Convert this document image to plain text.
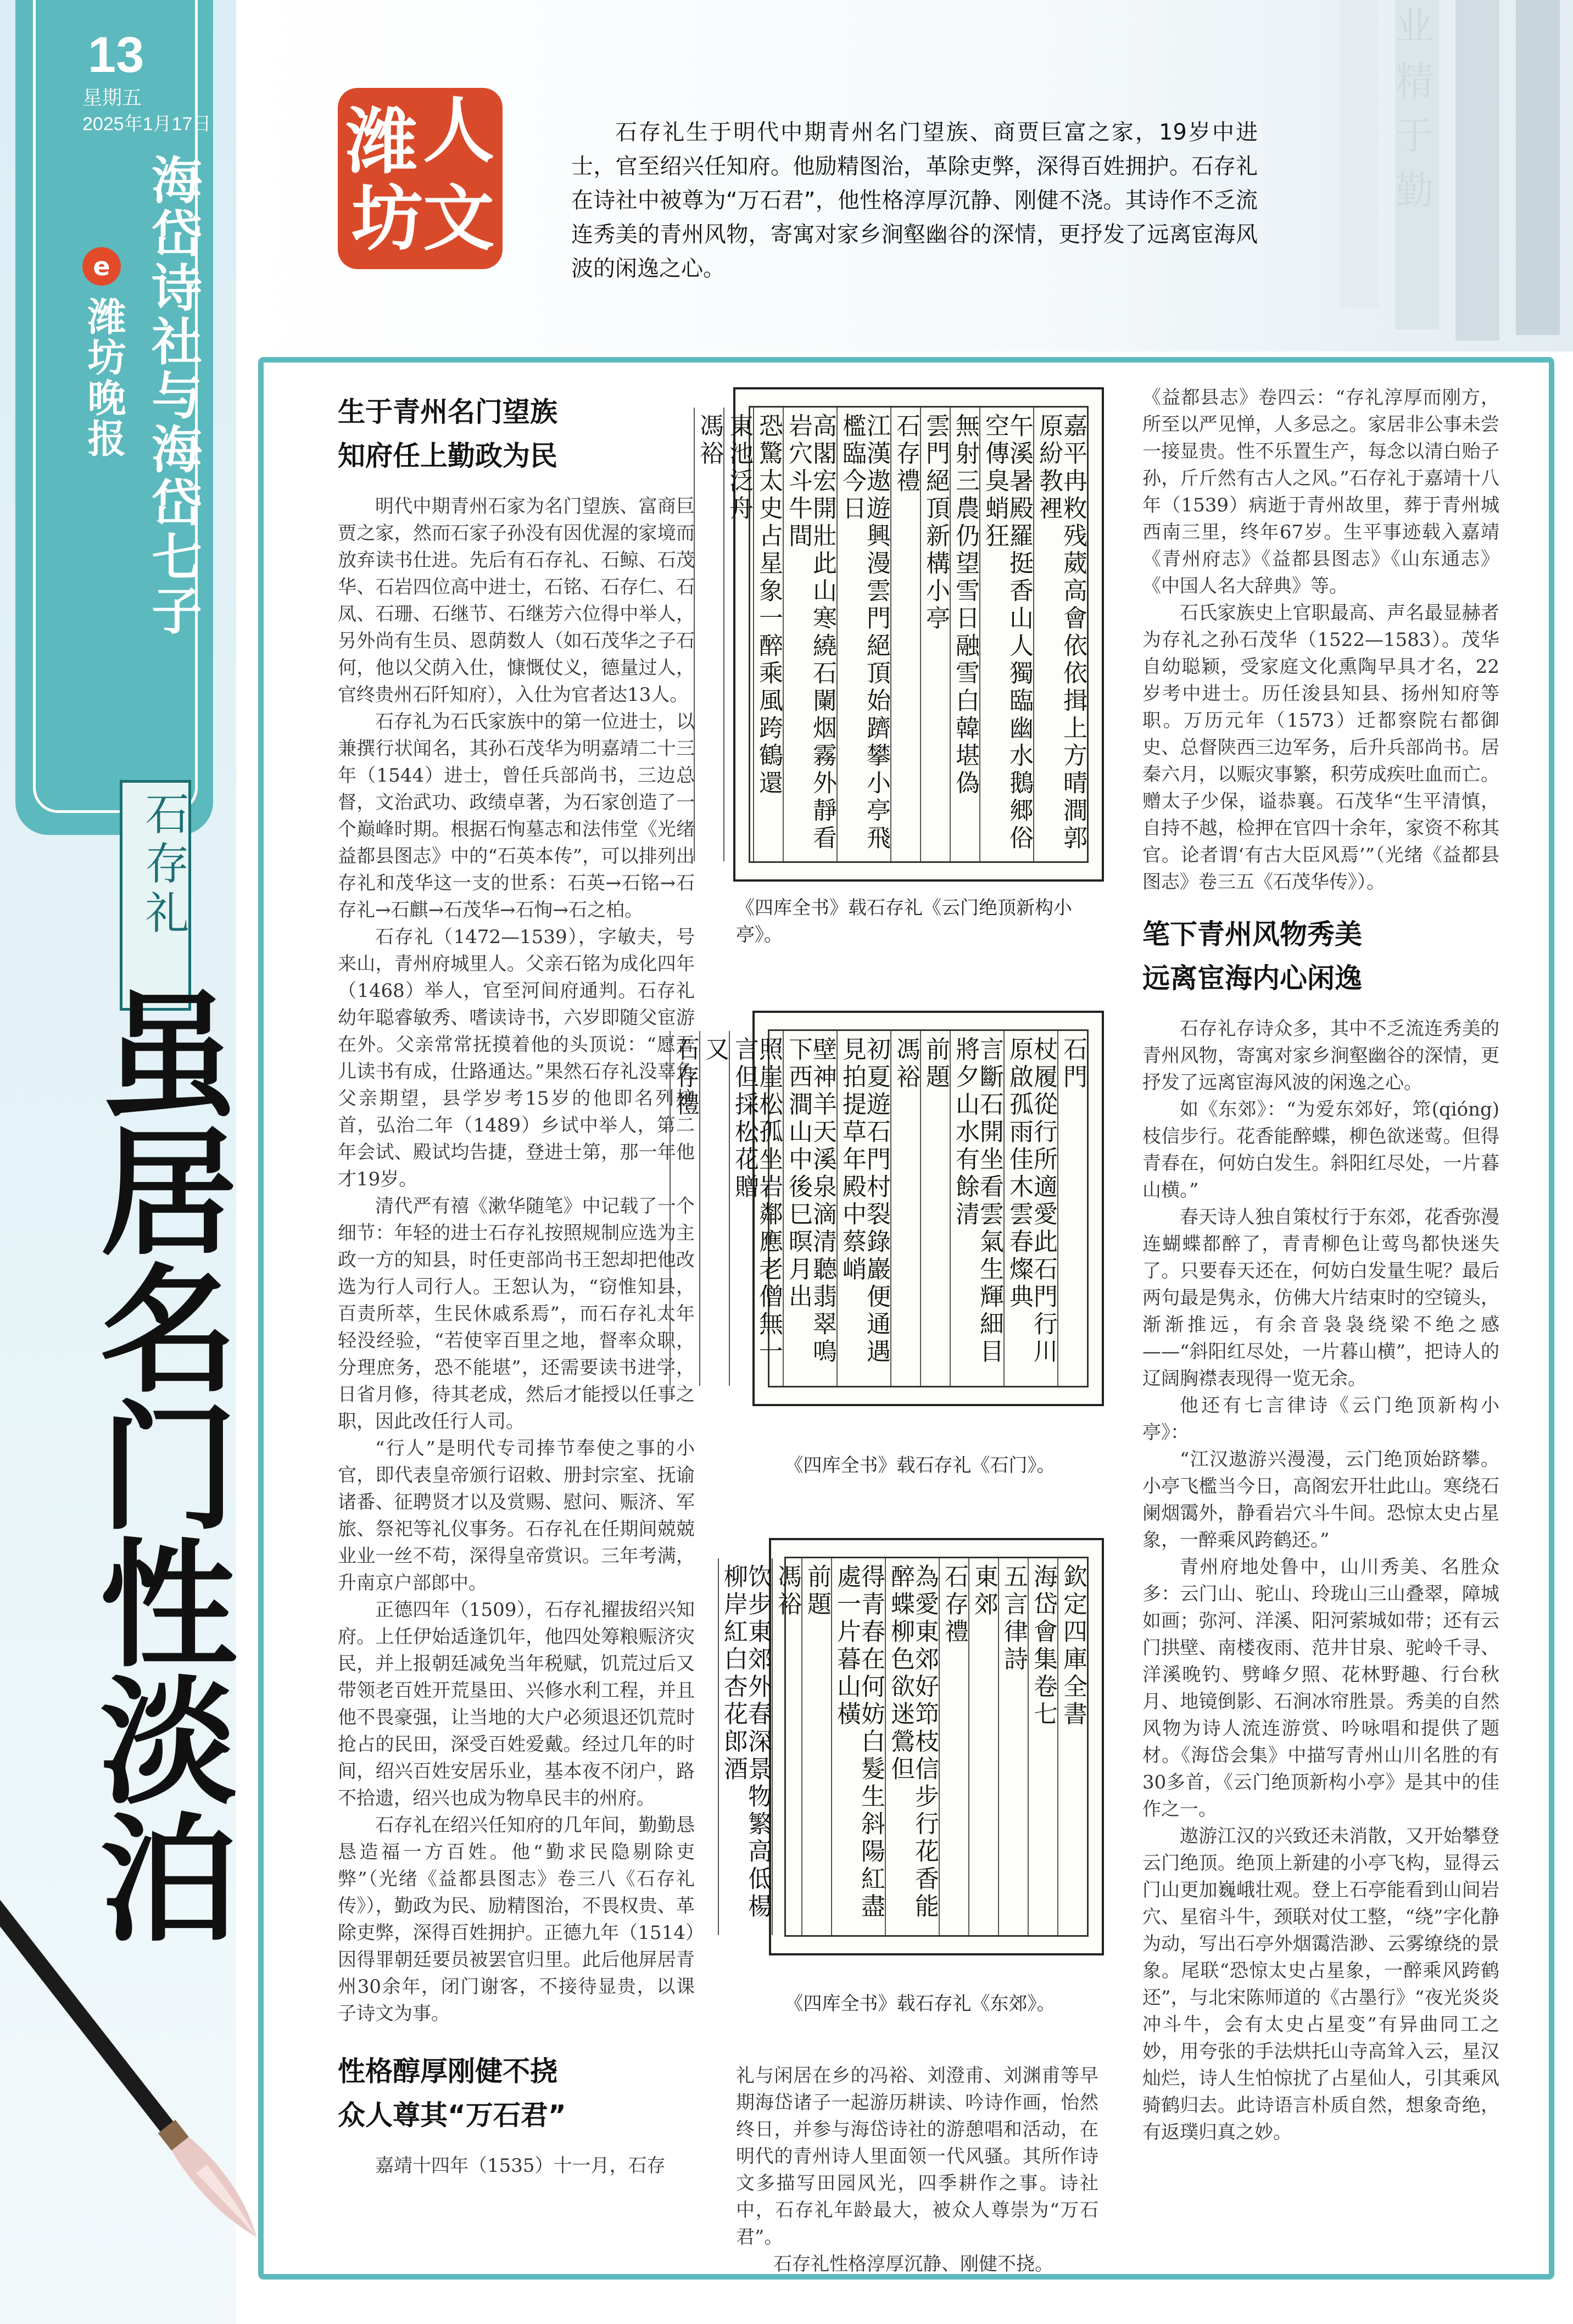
13
星期五
2025年1月17日
海岱诗社与海岱七子
e
潍坊晚报
石存礼
虽居名门性淡泊
业精于勤
潍 人
坊 文
第二季
石存礼生于明代中期青州名门望族、商贾巨富之家，19岁中进士，官至绍兴任知府。他励精图治，革除吏弊，深得百姓拥护。石存礼在诗社中被尊为“万石君”，他性格淳厚沉静、刚健不浇。其诗作不乏流连秀美的青州风物，寄寓对家乡涧壑幽谷的深情，更抒发了远离宦海风波的闲逸之心。
生于青州名门望族
知府任上勤政为民

明代中期青州石家为名门望族、富商巨贾之家，然而石家子孙没有因优渥的家境而放弃读书仕进。先后有石存礼、石鲸、石茂华、石岩四位高中进士，石铭、石存仁、石凤、石珊、石继节、石继芳六位得中举人，另外尚有生员、恩荫数人（如石茂华之子石何，他以父荫入仕，慷慨仗义，德量过人，官终贵州石阡知府），入仕为官者达13人。

石存礼为石氏家族中的第一位进士，以兼撰行状闻名，其孙石茂华为明嘉靖二十三年（1544）进士，曾任兵部尚书，三边总督，文治武功、政绩卓著，为石家创造了一个巅峰时期。根据石恂墓志和法伟堂《光绪益都县图志》中的“石英本传”，可以排列出存礼和茂华这一支的世系：石英→石铭→石存礼→石麒→石茂华→石恂→石之柏。

石存礼（1472—1539），字敏夫，号来山，青州府城里人。父亲石铭为成化四年（1468）举人，官至河间府通判。石存礼幼年聪睿敏秀、嗜读诗书，六岁即随父宦游在外。父亲常常抚摸着他的头顶说：“愿吾儿读书有成，仕路通达。”果然石存礼没辜负父亲期望，县学岁考15岁的他即名列榜首，弘治二年（1489）乡试中举人，第二年会试、殿试均告捷，登进士第，那一年他才19岁。

清代严有禧《漱华随笔》中记载了一个细节：年轻的进士石存礼按照规制应选为主政一方的知县，时任吏部尚书王恕却把他改选为行人司行人。王恕认为，“窃惟知县，百责所萃，生民休戚系焉”，而石存礼太年轻没经验，“若使宰百里之地，督率众职，分理庶务，恐不能堪”，还需要读书进学，日省月修，待其老成，然后才能授以任事之职，因此改任行人司。

“行人”是明代专司捧节奉使之事的小官，即代表皇帝颁行诏敕、册封宗室、抚谕诸番、征聘贤才以及赏赐、慰问、赈济、军旅、祭祀等礼仪事务。石存礼在任期间兢兢业业一丝不苟，深得皇帝赏识。三年考满，升南京户部郎中。

正德四年（1509），石存礼擢拔绍兴知府。上任伊始适逢饥年，他四处筹粮赈济灾民，并上报朝廷减免当年税赋，饥荒过后又带领老百姓开荒垦田、兴修水利工程，并且他不畏豪强，让当地的大户必须退还饥荒时抢占的民田，深受百姓爱戴。经过几年的时间，绍兴百姓安居乐业，基本夜不闭户，路不拾遗，绍兴也成为物阜民丰的州府。

石存礼在绍兴任知府的几年间，勤勤恳恳造福一方百姓。他“勤求民隐剔除吏弊”（光绪《益都县图志》卷三八《石存礼传》），勤政为民、励精图治，不畏权贵、革除吏弊，深得百姓拥护。正德九年（1514）因得罪朝廷要员被罢官归里。此后他屏居青州30余年，闭门谢客，不接待显贵，以课子诗文为事。

性格醇厚刚健不挠
众人尊其“万石君”

嘉靖十四年（1535）十一月，石存

嘉平冉敉残葳高會依依揖上方晴澗郭原紛教裡
午溪暑殿羅挺香山人獨臨幽水鵝郷俗空傳臭蛸狂
無射三農仍望雪日融雪白韓堪偽
雲門絕頂新構小亭
石存禮
江漢遨遊興漫雲門絕頂始躋攀小亭飛檻臨今日
高閣宏開壯此山寒繞石闌烟霧外靜看岩穴斗牛間
恐驚太史占星象一醉乘風跨鶴還
東池泛舟
馮裕
《四库全书》载石存礼《云门绝顶新构小亭》。
石門
杖履從行所適愛此石門行川原啟孤雨佳木雲春燦典
言斷石開坐看雲氣生輝細目將夕山水有餘清
前題
馮裕
初夏遊石門村裂錄巖便通遇見拍提草年殿中蔡峭
壁神羊天溪泉滴清聽翡翠鳴下西澗山中後巳暝月出
照崖松孤坐岩鄰應老僧無一言但採松花贈
又
石存禮
《四库全书》载石存礼《石门》。
欽定四庫全書
海岱會集卷七
五言律詩
東郊
石存禮
為愛東郊好笻枝信步行花香能醉蝶柳色欲迷鶯但
得青春在何妨白髮生斜陽紅盡處一片暮山橫
前題
馮裕
饮步東郊外春深景物繁高低楊柳岸紅白杏花郎酒
《四库全书》载石存礼《东郊》。

礼与闲居在乡的冯裕、刘澄甫、刘渊甫等早期海岱诸子一起游历耕读、吟诗作画，怡然终日，并参与海岱诗社的游憩唱和活动，在明代的青州诗人里面领一代风骚。其所作诗文多描写田园风光，四季耕作之事。诗社中，石存礼年龄最大，被众人尊崇为“万石君”。

石存礼性格淳厚沉静、刚健不挠。

《益都县志》卷四云：“存礼淳厚而刚方，所至以严见惮，人多忌之。家居非公事未尝一接显贵。性不乐置生产，每念以清白贻子孙，斤斤然有古人之风。”石存礼于嘉靖十八年（1539）病逝于青州故里，葬于青州城西南三里，终年67岁。生平事迹载入嘉靖《青州府志》《益都县图志》《山东通志》《中国人名大辞典》等。

石氏家族史上官职最高、声名最显赫者为存礼之孙石茂华（1522—1583）。茂华自幼聪颖，受家庭文化熏陶早具才名，22岁考中进士。历任浚县知县、扬州知府等职。万历元年（1573）迁都察院右都御史、总督陕西三边军务，后升兵部尚书。居秦六月，以赈灾事繁，积劳成疾吐血而亡。赠太子少保，谥恭襄。石茂华“生平清慎，自持不越，检押在官四十余年，家资不称其官。论者谓‘有古大臣风焉’”（光绪《益都县图志》卷三五《石茂华传》）。

笔下青州风物秀美
远离宦海内心闲逸

石存礼存诗众多，其中不乏流连秀美的青州风物，寄寓对家乡涧壑幽谷的深情，更抒发了远离宦海风波的闲逸之心。

如《东郊》：“为爱东郊好，筇(qióng)枝信步行。花香能醉蝶，柳色欲迷莺。但得青春在，何妨白发生。斜阳红尽处，一片暮山横。”

春天诗人独自策杖行于东郊，花香弥漫连蝴蝶都醉了，青青柳色让莺鸟都快迷失了。只要春天还在，何妨白发量生呢？最后两句最是隽永，仿佛大片结束时的空镜头，渐渐推远，有余音袅袅绕梁不绝之感——“斜阳红尽处，一片暮山横”，把诗人的辽阔胸襟表现得一览无余。

他还有七言律诗《云门绝顶新构小亭》：

“江汉遨游兴漫漫，云门绝顶始跻攀。小亭飞檻当今日，高阁宏开壮此山。寒绕石阑烟霭外，静看岩穴斗牛间。恐惊太史占星象，一醉乘风跨鹤还。”

青州府地处鲁中，山川秀美、名胜众多：云门山、驼山、玲珑山三山叠翠，障城如画；弥河、洋溪、阳河萦城如带；还有云门拱壁、南楼夜雨、范井甘泉、驼岭千寻、洋溪晚钓、劈峰夕照、花林野趣、行台秋月、地镜倒影、石涧冰帘胜景。秀美的自然风物为诗人流连游赏、吟咏唱和提供了题材。《海岱会集》中描写青州山川名胜的有30多首，《云门绝顶新构小亭》是其中的佳作之一。

遨游江汉的兴致还未消散，又开始攀登云门绝顶。绝顶上新建的小亭飞构，显得云门山更加巍峨壮观。登上石亭能看到山间岩穴、星宿斗牛，颈联对仗工整，“绕”字化静为动，写出石亭外烟霭浩渺、云雾缭绕的景象。尾联“恐惊太史占星象，一醉乘风跨鹤还”，与北宋陈师道的《古墨行》“夜光炎炎冲斗牛，会有太史占星变”有异曲同工之妙，用夸张的手法烘托山寺高耸入云，星汉灿烂，诗人生怕惊扰了占星仙人，引其乘风骑鹤归去。此诗语言朴质自然，想象奇绝，有返璞归真之妙。
